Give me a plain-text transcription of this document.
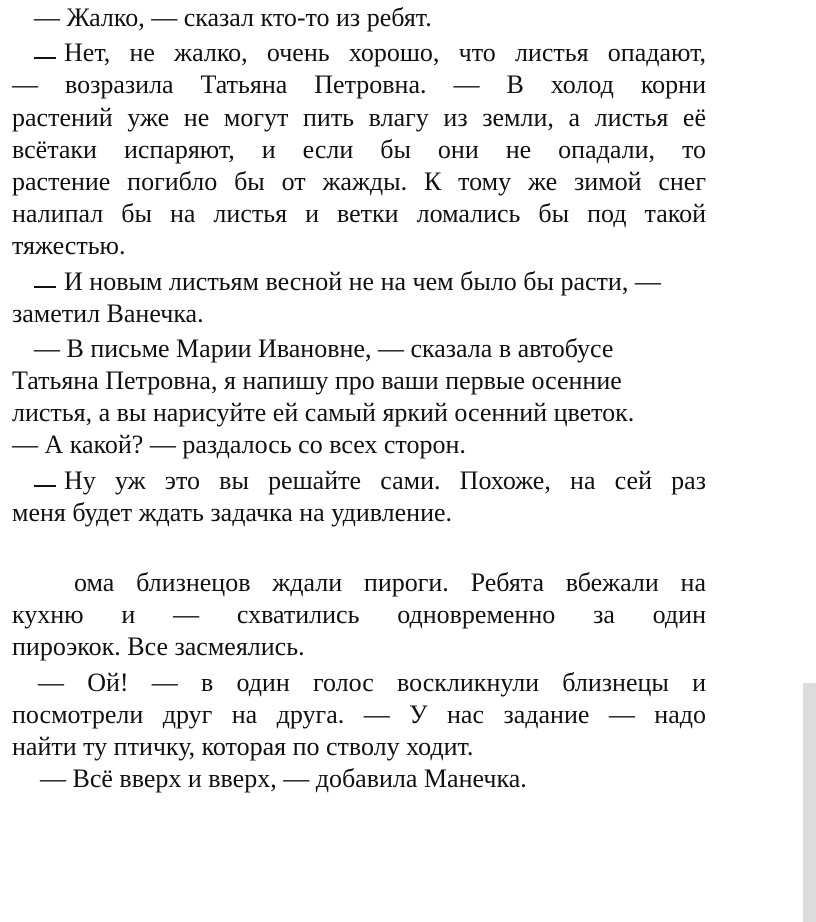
— Жалко, — сказал кто-то из ребят.
Нет, не жалко, очень хорошо, что листья опадают,
— возразила Татьяна Петровна. — В холод корни
растений уже не могут пить влагу из земли, а листья её
всётаки испаряют, и если бы они не опадали, то
растение погибло бы от жажды. К тому же зимой снег
налипал бы на листья и ветки ломались бы под такой
тяжестью.
И новым листьям весной не на чем было бы расти, —
заметил Ванечка.
— В письме Марии Ивановне, — сказала в автобусе
Татьяна Петровна, я напишу про ваши первые осенние
листья, а вы нарисуйте ей самый яркий осенний цветок.
— А какой? — раздалось со всех сторон.
Ну уж это вы решайте сами. Похоже, на сей раз
меня будет ждать задачка на удивление.
ома близнецов ждали пироги. Ребята вбежали на
кухню и — схватились одновременно за один
пироэкок. Все засмеялись.
— Ой! — в один голос воскликнули близнецы и
посмотрели друг на друга. — У нас задание — надо
найти ту птичку, которая по стволу ходит.
— Всё вверх и вверх, — добавила Манечка.
